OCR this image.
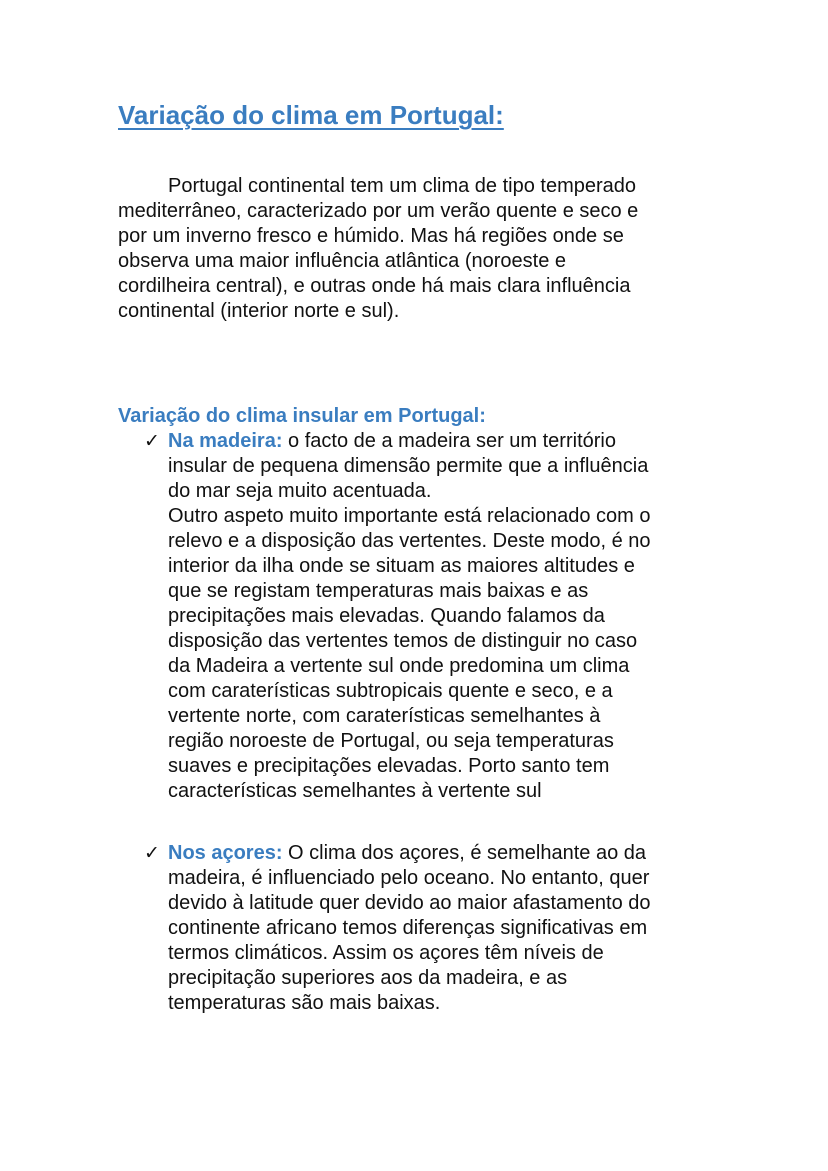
Variação do clima em Portugal:

Portugal continental tem um clima de tipo temperado
mediterrâneo, caracterizado por um verão quente e seco e
por um inverno fresco e húmido. Mas há regiões onde se
observa uma maior influência atlântica (noroeste e
cordilheira central), e outras onde há mais clara influência
continental (interior norte e sul).

Variação do clima insular em Portugal:
✓ Na madeira: o facto de a madeira ser um território
insular de pequena dimensão permite que a influência
do mar seja muito acentuada.
Outro aspeto muito importante está relacionado com o
relevo e a disposição das vertentes. Deste modo, é no
interior da ilha onde se situam as maiores altitudes e
que se registam temperaturas mais baixas e as
precipitações mais elevadas. Quando falamos da
disposição das vertentes temos de distinguir no caso
da Madeira a vertente sul onde predomina um clima
com caraterísticas subtropicais quente e seco, e a
vertente norte, com caraterísticas semelhantes à
região noroeste de Portugal, ou seja temperaturas
suaves e precipitações elevadas. Porto santo tem
características semelhantes à vertente sul
✓ Nos açores: O clima dos açores, é semelhante ao da
madeira, é influenciado pelo oceano. No entanto, quer
devido à latitude quer devido ao maior afastamento do
continente africano temos diferenças significativas em
termos climáticos. Assim os açores têm níveis de
precipitação superiores aos da madeira, e as
temperaturas são mais baixas.
